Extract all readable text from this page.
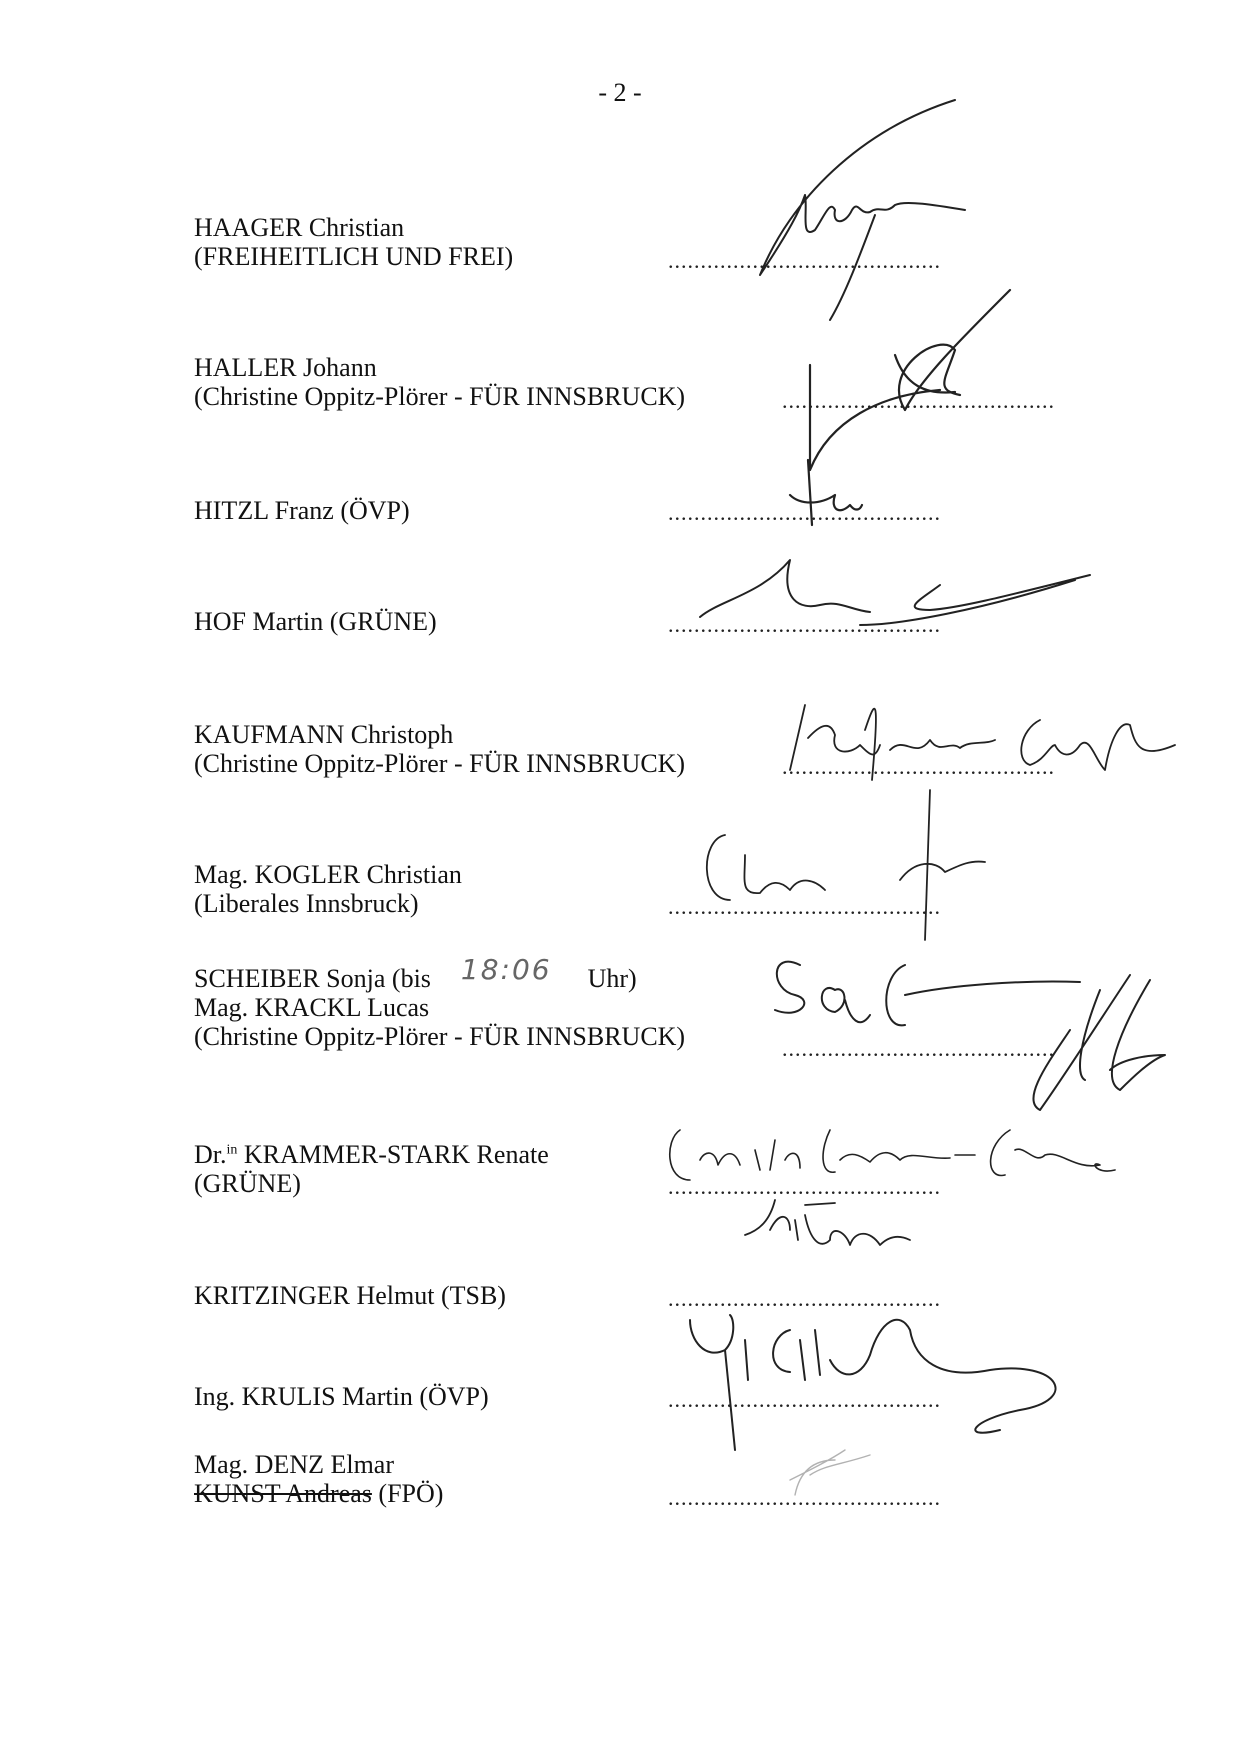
- 2 -
HAAGER Christian
(FREIHEITLICH UND FREI)	..........................................
HALLER Johann
(Christine Oppitz-Plörer - FÜR INNSBRUCK)	..........................................
HITZL Franz (ÖVP)	..........................................
HOF Martin (GRÜNE)	..........................................
KAUFMANN Christoph
(Christine Oppitz-Plörer - FÜR INNSBRUCK)	..........................................
Mag. KOGLER Christian
(Liberales Innsbruck)	..........................................
SCHEIBER Sonja (bis 18:06 Uhr)
Mag. KRACKL Lucas
(Christine Oppitz-Plörer - FÜR INNSBRUCK)	..........................................
Dr.$^{in}$ KRAMMER-STARK Renate
(GRÜNE)	..........................................
KRITZINGER Helmut (TSB)	..........................................
Ing. KRULIS Martin (ÖVP)	..........................................
Mag. DENZ Elmar
KUNST Andreas (FPÖ)	..........................................
